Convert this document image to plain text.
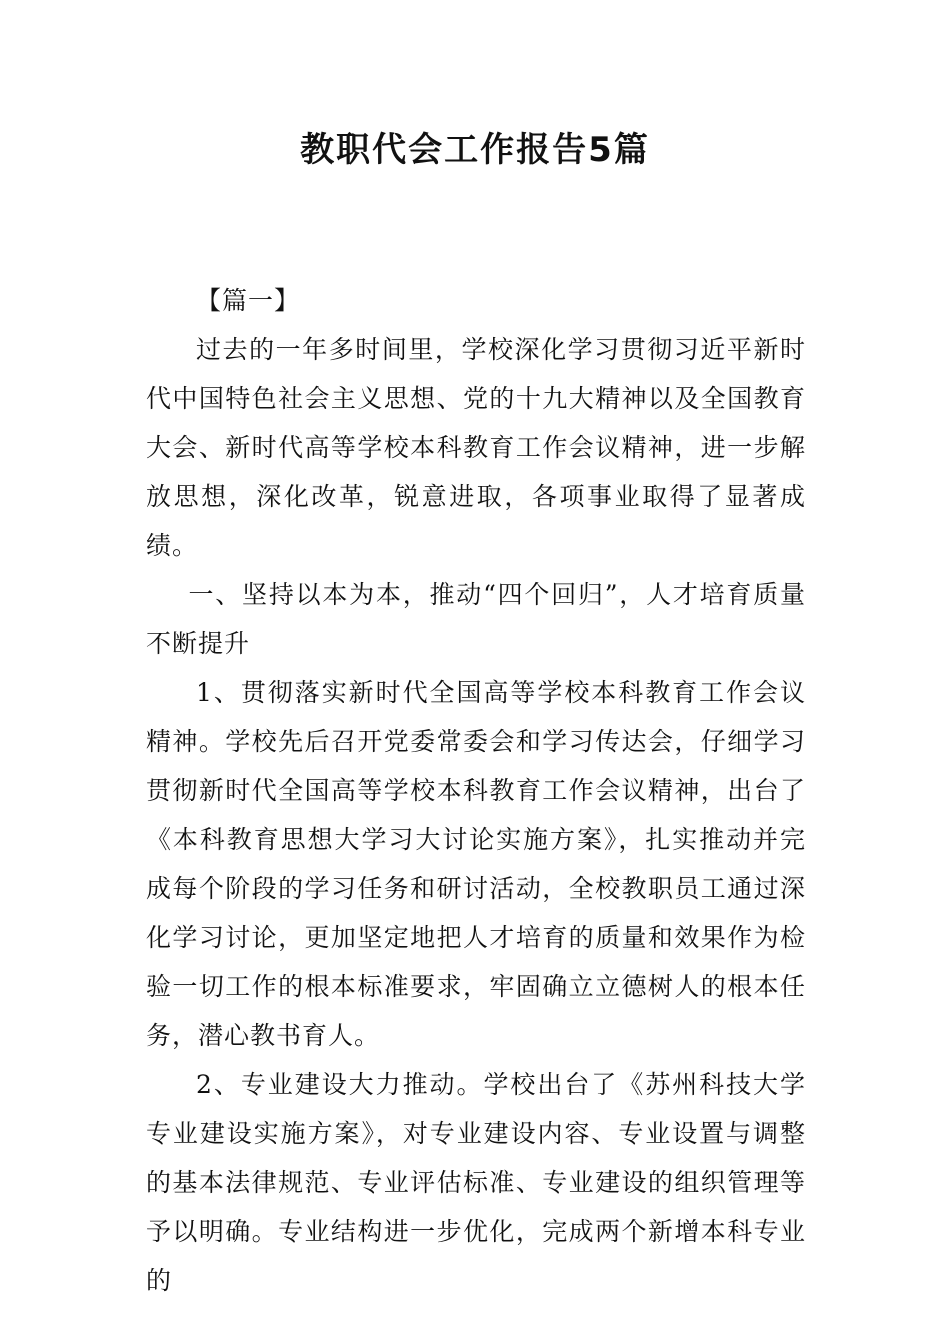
教职代会工作报告5篇

【篇一】

过去的一年多时间里，学校深化学习贯彻习近平新时代中国特色社会主义思想、党的十九大精神以及全国教育大会、新时代高等学校本科教育工作会议精神，进一步解放思想，深化改革，锐意进取，各项事业取得了显著成绩。

一、坚持以本为本，推动“四个回归”，人才培育质量不断提升

1、贯彻落实新时代全国高等学校本科教育工作会议精神。学校先后召开党委常委会和学习传达会，仔细学习贯彻新时代全国高等学校本科教育工作会议精神，出台了《本科教育思想大学习大讨论实施方案》，扎实推动并完成每个阶段的学习任务和研讨活动，全校教职员工通过深化学习讨论，更加坚定地把人才培育的质量和效果作为检验一切工作的根本标准要求，牢固确立立德树人的根本任务，潜心教书育人。

2、专业建设大力推动。学校出台了《苏州科技大学专业建设实施方案》，对专业建设内容、专业设置与调整的基本法律规范、专业评估标准、专业建设的组织管理等予以明确。专业结构进一步优化，完成两个新增本科专业的
